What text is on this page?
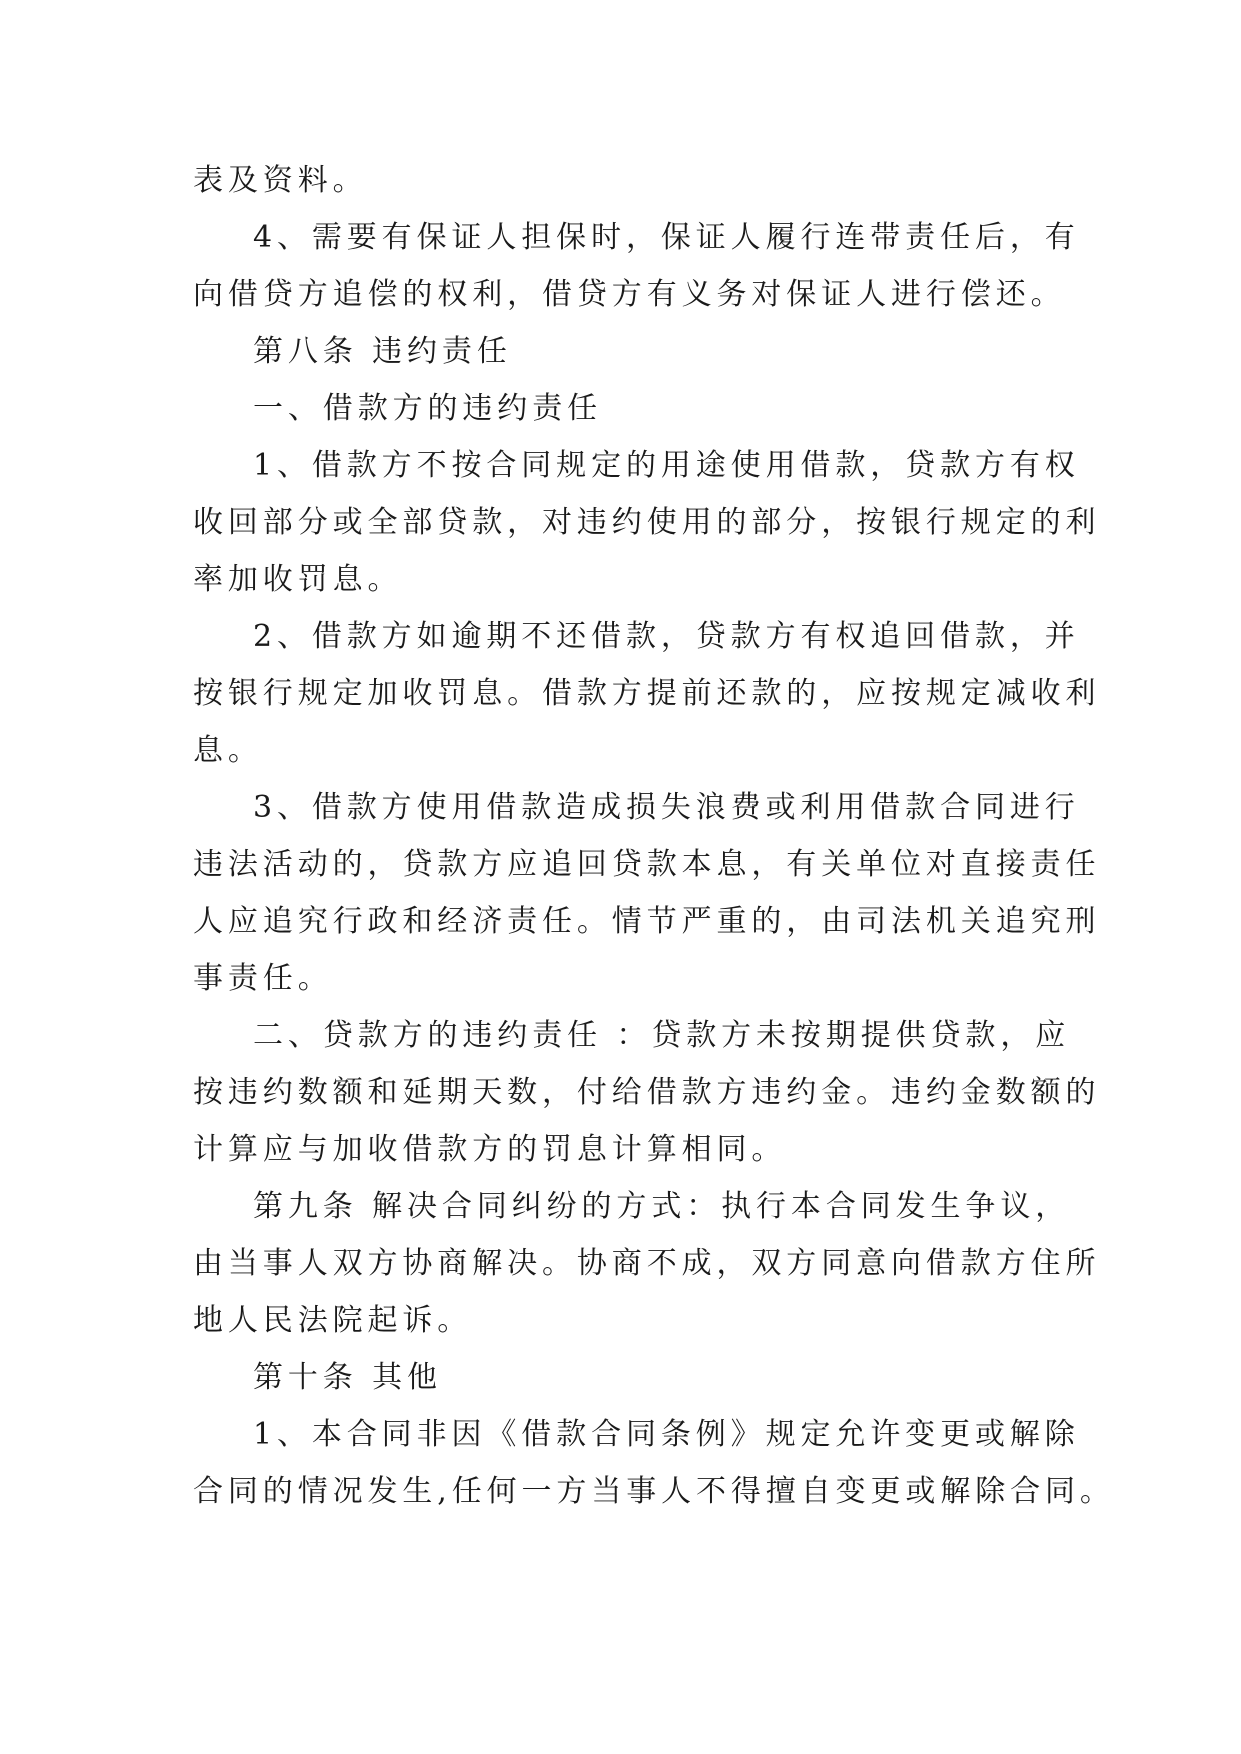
表及资料。
4、需要有保证人担保时，保证人履行连带责任后，有
向借贷方追偿的权利，借贷方有义务对保证人进行偿还。
第八条 违约责任
一、借款方的违约责任
1、借款方不按合同规定的用途使用借款，贷款方有权
收回部分或全部贷款，对违约使用的部分，按银行规定的利
率加收罚息。
2、借款方如逾期不还借款，贷款方有权追回借款，并
按银行规定加收罚息。借款方提前还款的，应按规定减收利
息。
3、借款方使用借款造成损失浪费或利用借款合同进行
违法活动的，贷款方应追回贷款本息，有关单位对直接责任
人应追究行政和经济责任。情节严重的，由司法机关追究刑
事责任。
二、贷款方的违约责任 ：贷款方未按期提供贷款，应
按违约数额和延期天数，付给借款方违约金。违约金数额的
计算应与加收借款方的罚息计算相同。
第九条 解决合同纠纷的方式：执行本合同发生争议，
由当事人双方协商解决。协商不成，双方同意向借款方住所
地人民法院起诉。
第十条 其他
1、本合同非因《借款合同条例》规定允许变更或解除
合同的情况发生,任何一方当事人不得擅自变更或解除合同。
